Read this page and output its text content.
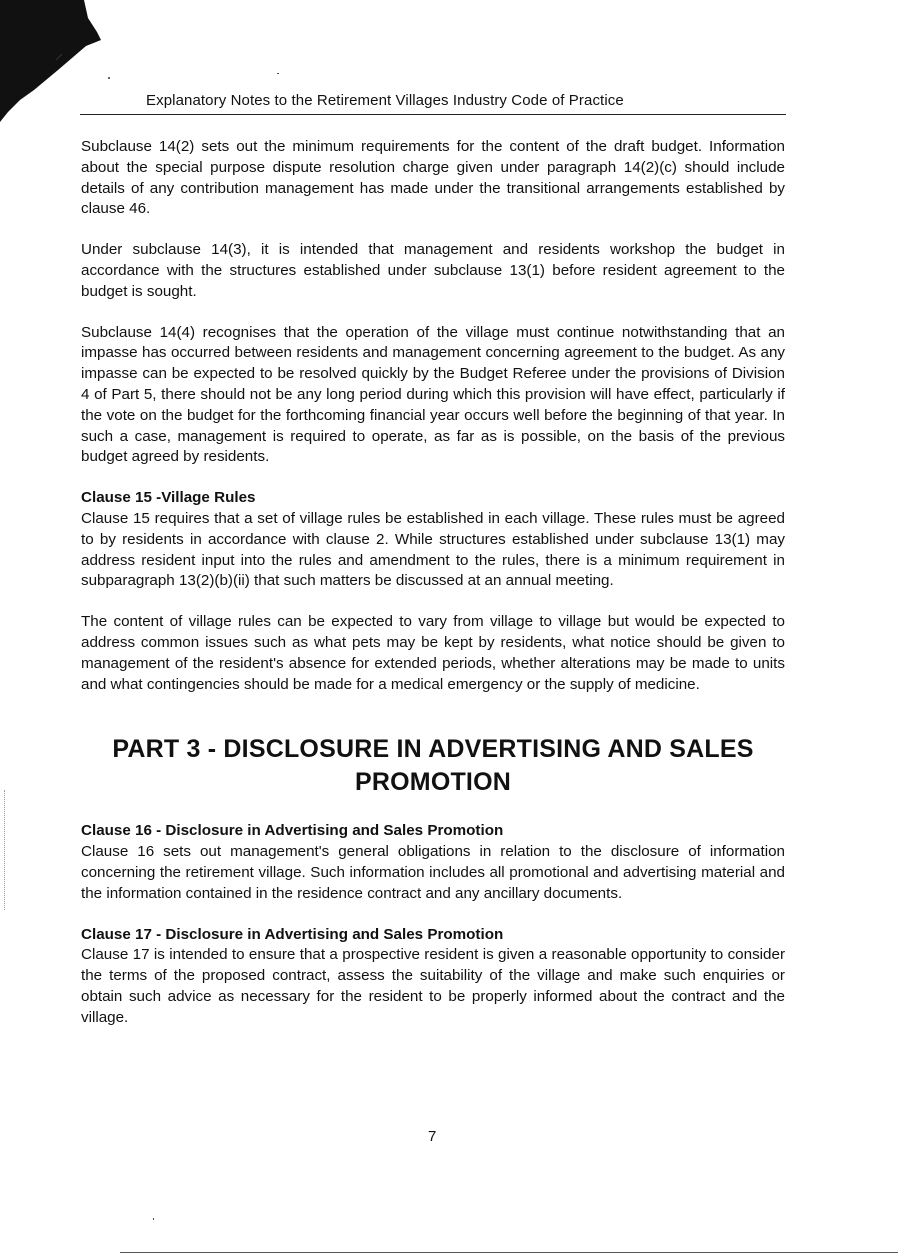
Explanatory Notes to the Retirement Villages Industry Code of Practice

Subclause 14(2) sets out the minimum requirements for the content of the draft budget. Information about the special purpose dispute resolution charge given under paragraph 14(2)(c) should include details of any contribution management has made under the transitional arrangements established by clause 46.

Under subclause 14(3), it is intended that management and residents workshop the budget in accordance with the structures established under subclause 13(1) before resident agreement to the budget is sought.

Subclause 14(4) recognises that the operation of the village must continue notwithstanding that an impasse has occurred between residents and management concerning agreement to the budget. As any impasse can be expected to be resolved quickly by the Budget Referee under the provisions of Division 4 of Part 5, there should not be any long period during which this provision will have effect, particularly if the vote on the budget for the forthcoming financial year occurs well before the beginning of that year. In such a case, management is required to operate, as far as is possible, on the basis of the previous budget agreed by residents.

Clause 15 -Village Rules

Clause 15 requires that a set of village rules be established in each village. These rules must be agreed to by residents in accordance with clause 2. While structures established under subclause 13(1) may address resident input into the rules and amendment to the rules, there is a minimum requirement in subparagraph 13(2)(b)(ii) that such matters be discussed at an annual meeting.

The content of village rules can be expected to vary from village to village but would be expected to address common issues such as what pets may be kept by residents, what notice should be given to management of the resident's absence for extended periods, whether alterations may be made to units and what contingencies should be made for a medical emergency or the supply of medicine.

PART 3 - DISCLOSURE IN ADVERTISING AND SALES
PROMOTION
Clause 16 - Disclosure in Advertising and Sales Promotion

Clause 16 sets out management's general obligations in relation to the disclosure of information concerning the retirement village. Such information includes all promotional and advertising material and the information contained in the residence contract and any ancillary documents.

Clause 17 - Disclosure in Advertising and Sales Promotion

Clause 17 is intended to ensure that a prospective resident is given a reasonable opportunity to consider the terms of the proposed contract, assess the suitability of the village and make such enquiries or obtain such advice as necessary for the resident to be properly informed about the contract and the village.

7
